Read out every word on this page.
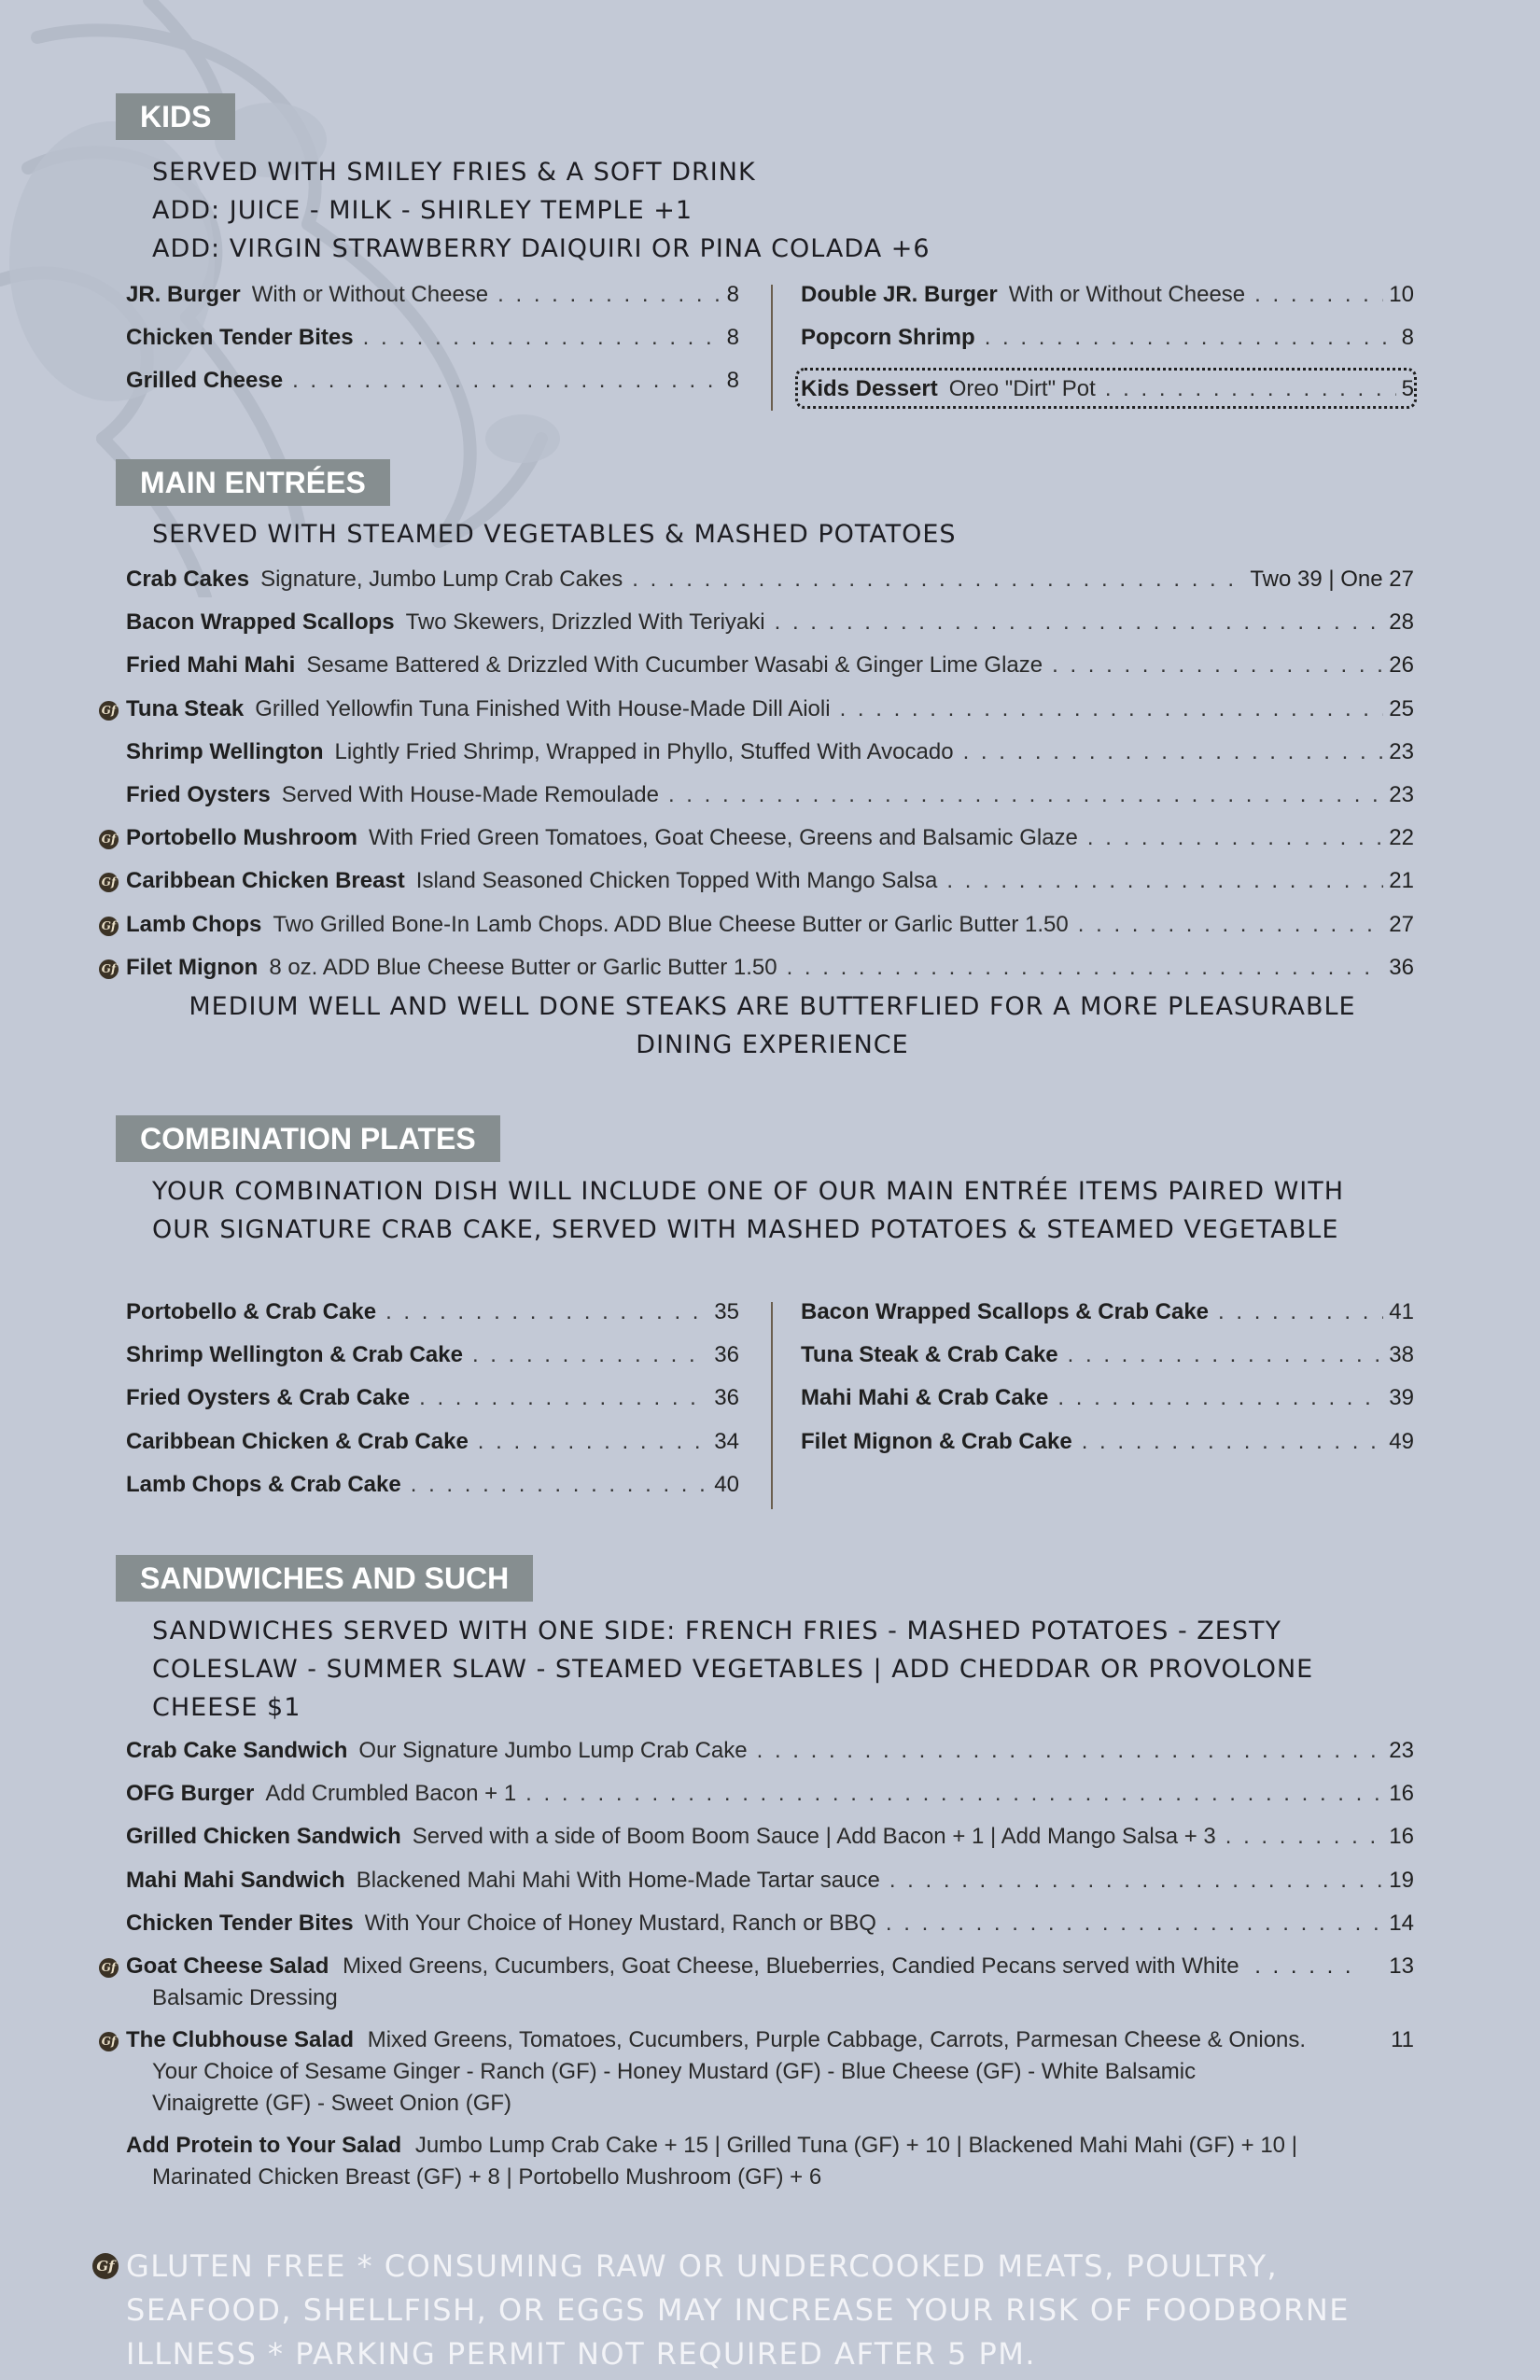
KIDS

SERVED WITH SMILEY FRIES & A SOFT DRINK

ADD: JUICE - MILK - SHIRLEY TEMPLE +1

ADD: VIRGIN STRAWBERRY DAIQUIRI OR PINA COLADA +6

JR. Burger With or Without Cheese . . .	8
Chicken Tender Bites . . .	8
Grilled Cheese . . .	8
Double JR. Burger With or Without Cheese . . .	10
Popcorn Shrimp . . .	8
Kids Dessert Oreo "Dirt" Pot . . .	5
MAIN ENTRÉES

SERVED WITH STEAMED VEGETABLES & MASHED POTATOES

Crab Cakes Signature, Jumbo Lump Crab Cakes . . .	Two 39 | One 27
Bacon Wrapped Scallops Two Skewers, Drizzled With Teriyaki . . .	28
Fried Mahi Mahi Sesame Battered & Drizzled With Cucumber Wasabi & Ginger Lime Glaze . . .	26
Gf Tuna Steak Grilled Yellowfin Tuna Finished With House-Made Dill Aioli . . .	25
Shrimp Wellington Lightly Fried Shrimp, Wrapped in Phyllo, Stuffed With Avocado . . .	23
Fried Oysters Served With House-Made Remoulade . . .	23
Gf Portobello Mushroom With Fried Green Tomatoes, Goat Cheese, Greens and Balsamic Glaze . . .	22
Gf Caribbean Chicken Breast Island Seasoned Chicken Topped With Mango Salsa . . .	21
Gf Lamb Chops Two Grilled Bone-In Lamb Chops. ADD Blue Cheese Butter or Garlic Butter 1.50 . . .	27
Gf Filet Mignon 8 oz. ADD Blue Cheese Butter or Garlic Butter 1.50 . . .	36
MEDIUM WELL AND WELL DONE STEAKS ARE BUTTERFLIED FOR A MORE PLEASURABLE DINING EXPERIENCE
COMBINATION PLATES

YOUR COMBINATION DISH WILL INCLUDE ONE OF OUR MAIN ENTRÉE ITEMS PAIRED WITH OUR SIGNATURE CRAB CAKE, SERVED WITH MASHED POTATOES & STEAMED VEGETABLE

Portobello & Crab Cake . . .	35
Shrimp Wellington & Crab Cake . . .	36
Fried Oysters & Crab Cake . . .	36
Caribbean Chicken & Crab Cake . . .	34
Lamb Chops & Crab Cake . . .	40
Bacon Wrapped Scallops & Crab Cake . . .	41
Tuna Steak & Crab Cake . . .	38
Mahi Mahi & Crab Cake . . .	39
Filet Mignon & Crab Cake . . .	49
SANDWICHES AND SUCH

SANDWICHES SERVED WITH ONE SIDE: FRENCH FRIES - MASHED POTATOES - ZESTY COLESLAW - SUMMER SLAW - STEAMED VEGETABLES | ADD CHEDDAR OR PROVOLONE CHEESE $1

Crab Cake Sandwich Our Signature Jumbo Lump Crab Cake . . .	23
OFG Burger Add Crumbled Bacon + 1 . . .	16
Grilled Chicken Sandwich Served with a side of Boom Boom Sauce | Add Bacon + 1 | Add Mango Salsa + 3 . . .	16
Mahi Mahi Sandwich Blackened Mahi Mahi With Home-Made Tartar sauce . . .	19
Chicken Tender Bites With Your Choice of Honey Mustard, Ranch or BBQ . . .	14
Gf Goat Cheese Salad Mixed Greens, Cucumbers, Goat Cheese, Blueberries, Candied Pecans served with White . . . . . . 13
Balsamic Dressing
Gf The Clubhouse Salad Mixed Greens, Tomatoes, Cucumbers, Purple Cabbage, Carrots, Parmesan Cheese & Onions.	11
Your Choice of Sesame Ginger - Ranch (GF) - Honey Mustard (GF) - Blue Cheese (GF) - White Balsamic
Vinaigrette (GF) - Sweet Onion (GF)
Add Protein to Your Salad Jumbo Lump Crab Cake + 15 | Grilled Tuna (GF) + 10 | Blackened Mahi Mahi (GF) + 10 |
Marinated Chicken Breast (GF) + 8 | Portobello Mushroom (GF) + 6
Gf GLUTEN FREE * CONSUMING RAW OR UNDERCOOKED MEATS, POULTRY, SEAFOOD, SHELLFISH, OR EGGS MAY INCREASE YOUR RISK OF FOODBORNE ILLNESS * PARKING PERMIT NOT REQUIRED AFTER 5 PM.
